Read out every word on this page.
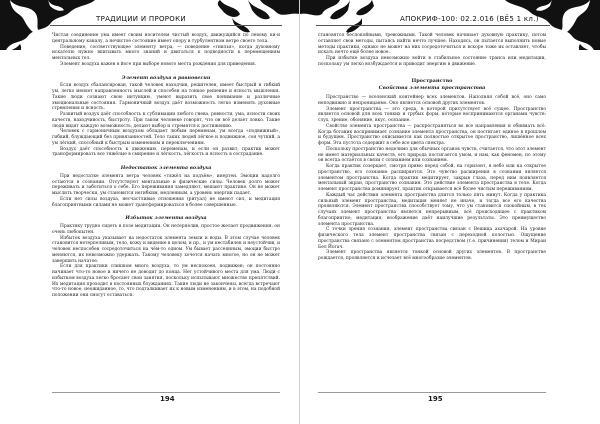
ТРАДИЦИИ И ПРОРОКИ

Чистая соединение ума имеет своим носителем чистый воздух, движущийся по левому ки-и центральному каналу, а нечистое состояние имеет опору в турбулентном ветре своего тела.

Поведение, соответствующее элементу ветра, — поведение «гнилья», когда духовному искателю нужно впитывать много знаний и двигаться к подводности к перемещениям ментальных тел.

Элемент воздуха важен в йоге при выборе нового места рождения для приведения.

Элемент воздуха в равновесии

Если воздух сбалансирован, такой человек находчив, решителен, имеет быстрый и гибкий ум, легко меняет направленность мыслей и способен на тонкое решение и ясность мышления. Такие люди сознают свою интуицию, умеют выразить свое понимание и различные эмоциональные состояния. Гармоничный воздух даёт возможность легко изменять духовные стремления и ясность.

Развитый воздух даёт способность к сублимации любого гнева, ревности, ума, ясности своих качеств, находчивость, быстроту. При таком человеке говорят, что он всё делает ловко. Такие люди видят каждую возможность, делают выбор и стремятся к достижению.

Человек с гармоничным воздухом обладает любым переменам, ум всегда «подвижный», гибкий, блуждающий без привязанностей. Тело таких людей лёгкое и подвижное, сон чуткий, а ум лёгкий, способный к быстрым изменениям и переключениям.

Воздух даёт способность к движению, переменам, и если он развит, практик может трансформировать все тяжёлые в смирение и лёгкость, лёгкость и ясность в сострадание.

Недостаток элемента воздуха

При недостатке элемента ветра человек «тяжёл на подъём», инертен. Эмоции надолго остаются в сознании. Отсутствуют ментальные и физические силы. Человек долго может переживать и заботиться о себе. Его переживания замедляют, мешают практике. Он не может мыслить творчески, ум становится негибким, медленным, а уровень энергии падает.

Если нет силы воздуха, несчастливые отношения (ритуал) не имеют сил, и медитация благоприятными силами не может трансформироваться в более совершенные.

Избыток элемента воздуха

Практику трудно сидеть в позе медитации. Он нетерпелив, простое желает продвижения, он очень любопытен.

Избыток воздуха указывает на недостаток элемента земли и воды. В этом случае человек становится нетерпеливым, тело, кожу и видение в целом, и пр., и ум нестабилен и неустойчив, и человек неспособен сосредоточиться на чём-то одном. Ум бывает рассеянным, эмоции быстро меняются, их невозможно удержать. Такому человеку хочется начать многое, но он не может завершить начатое.

Если для практики слишком много воздуха, то ум неспокоен, подвижен; он постоянно начинает что-то новое и ничего не доводит до конца. Нет устойчивого места для ума. Люди с избытком воздуха легко бросают свои занятия, поскольку испытывают множество препятствий. Их медитация проходит в постоянных блужданиях. Такие люди не закончены, всегда встречают что-то новое, неожиданное, то, что подталкивает их к новым изменениям, и в этом, на подобной положении они смогут оставаться.

194
АПОКРИФ-100: 02.2.016 (ВЁ5 1 кл.)

становятся беспокойными, тревожными. Такой человек начинает духовную практику, потом оставляет свои методы, пытаясь найти нечто лучшее. Находясь, он пытается выполнить новые методы практики, однако не может на них сосредоточиться и вскоре тоже их оставляет, чтобы искать нечто ещё более новое.

При избытке воздуха невозможно войти в стабильное состояние транса или медитации, поскольку ум легко возбуждается и приводит энергию в движение.

Пространство
Свойства элемента пространства

Пространство — вселенский контейнер всех элементов. Наполняя собой всё, оно само неподвижно и непроницаемо. Оно является основой других элементов.

Элемент пространства — это среда, в которой присутствует всё сущее. Пространство является основой для всех тонких и грубых форм, которые воспринимаются органами чувств: слух, зрение, обоняние, вкус, осязание.

Свойство элемента пространства — распространяться во все направления и обнимать всё. Когда ботаник воспринимает сознание элемента пространства, он постигает единое в прошлом и будущем. Пространство описывается как полностью открытое пространство, лишённое всех форм. Эта пустота содержит в себе все цвета спектра.

Поскольку пространство неделимо для обычных органов чувств, считается, что этот элемент не имеет материальных качеств, его природа постигается умом, и нам, как феномен, по этому он всегда остаётся в связи с сознанием или сознанием.

Когда практик созерцает, смотря прямо перед собой, на горизонт, в небо или на открытое пространство, его сознание расширяется. Это чувство расширения в сознании является элементом пространства. Когда практик медитирует, закрыв глаза, перед ним появляется ментальный экран, пространство сознания. Это действие элемента пространства в теле. Когда элемент пространства доминирует, практик открывается всё более чистым переживаниям.

Каждый час действия элемента пространства длится только пять минут. Когда у практика сильный элемент пространства, медитация меняет не иначе, и тогда все его качества проявляются. Элемент пространства способствует тому, что ум становится спокойным, в тех случаях элемент пространства является непрерывным, всё происходящее с практиком благоприятно; медитация, воображение даёт наилучшие результаты. Это преимущество элемента пространства.

С точки зрения сознания, элемент пространства связан с Вешица ахачарой. На уровне физического тела элемент пространства связан с переходной полостью. Ощущение пространства связано с элементом пространства посредством (т.е. причинения) телом и Мираи Бел Йогач.

Элемент пространства является тонкой основой других элементов. В пространстве рождается, проявляется и исчезает всё многообразие элементов.

195
